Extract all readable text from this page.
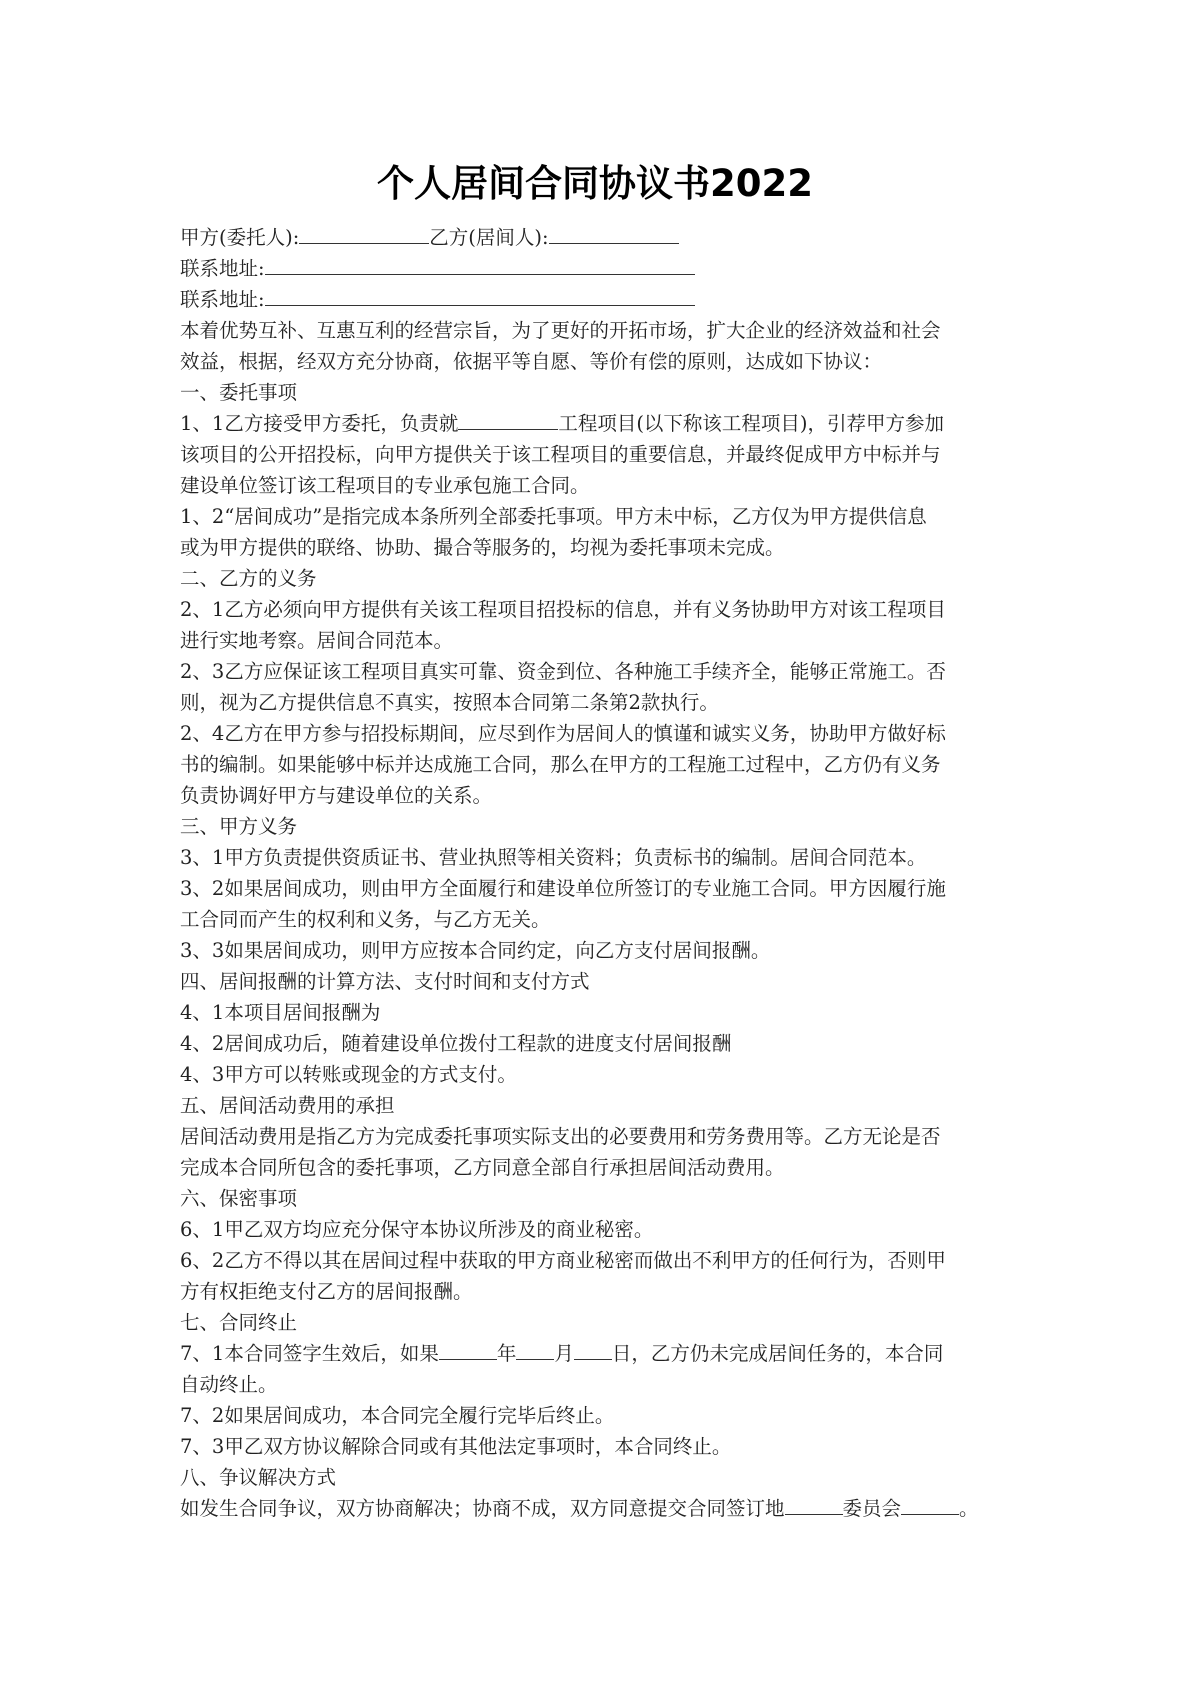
个人居间合同协议书2022
甲方(委托人):	乙方(居间人):
联系地址:
联系地址:
本着优势互补、互惠互利的经营宗旨，为了更好的开拓市场，扩大企业的经济效益和社会
效益，根据，经双方充分协商，依据平等自愿、等价有偿的原则，达成如下协议：
一、委托事项
1、1乙方接受甲方委托，负责就	工程项目(以下称该工程项目)，引荐甲方参加
该项目的公开招投标，向甲方提供关于该工程项目的重要信息，并最终促成甲方中标并与
建设单位签订该工程项目的专业承包施工合同。
1、2“居间成功”是指完成本条所列全部委托事项。甲方未中标，乙方仅为甲方提供信息
或为甲方提供的联络、协助、撮合等服务的，均视为委托事项未完成。
二、乙方的义务
2、1乙方必须向甲方提供有关该工程项目招投标的信息，并有义务协助甲方对该工程项目
进行实地考察。居间合同范本。
2、3乙方应保证该工程项目真实可靠、资金到位、各种施工手续齐全，能够正常施工。否
则，视为乙方提供信息不真实，按照本合同第二条第2款执行。
2、4乙方在甲方参与招投标期间，应尽到作为居间人的慎谨和诚实义务，协助甲方做好标
书的编制。如果能够中标并达成施工合同，那么在甲方的工程施工过程中，乙方仍有义务
负责协调好甲方与建设单位的关系。
三、甲方义务
3、1甲方负责提供资质证书、营业执照等相关资料；负责标书的编制。居间合同范本。
3、2如果居间成功，则由甲方全面履行和建设单位所签订的专业施工合同。甲方因履行施
工合同而产生的权利和义务，与乙方无关。
3、3如果居间成功，则甲方应按本合同约定，向乙方支付居间报酬。
四、居间报酬的计算方法、支付时间和支付方式
4、1本项目居间报酬为
4、2居间成功后，随着建设单位拨付工程款的进度支付居间报酬
4、3甲方可以转账或现金的方式支付。
五、居间活动费用的承担
居间活动费用是指乙方为完成委托事项实际支出的必要费用和劳务费用等。乙方无论是否
完成本合同所包含的委托事项，乙方同意全部自行承担居间活动费用。
六、保密事项
6、1甲乙双方均应充分保守本协议所涉及的商业秘密。
6、2乙方不得以其在居间过程中获取的甲方商业秘密而做出不利甲方的任何行为，否则甲
方有权拒绝支付乙方的居间报酬。
七、合同终止
7、1本合同签字生效后，如果	年 月 日，乙方仍未完成居间任务的，本合同
自动终止。
7、2如果居间成功，本合同完全履行完毕后终止。
7、3甲乙双方协议解除合同或有其他法定事项时，本合同终止。
八、争议解决方式
如发生合同争议，双方协商解决；协商不成，双方同意提交合同签订地	委员会	。
